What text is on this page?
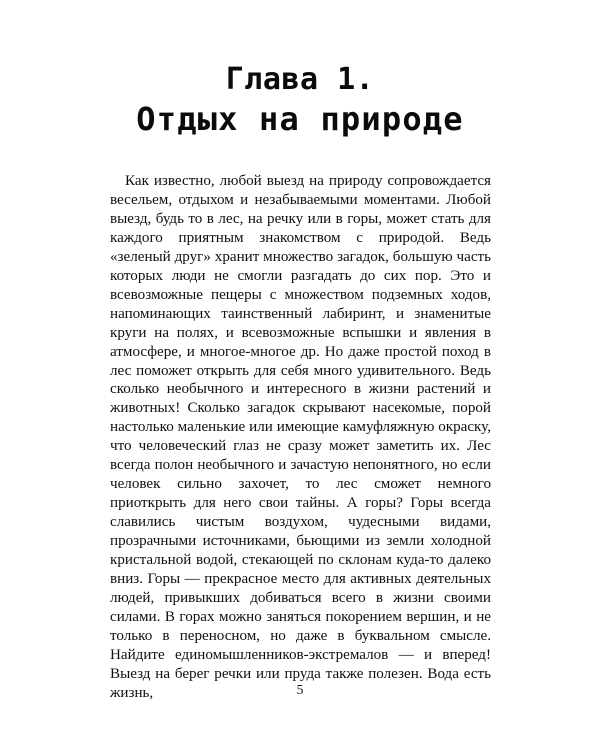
Глава 1.
Отдых на природе

Как известно, любой выезд на природу сопровождается весельем, отдыхом и незабываемыми моментами. Любой выезд, будь то в лес, на речку или в горы, может стать для каждого приятным знакомством с природой. Ведь «зеленый друг» хранит множество загадок, большую часть которых люди не смогли разгадать до сих пор. Это и всевозможные пещеры с множеством подземных ходов, напоминающих таинственный лабиринт, и знаменитые круги на полях, и всевозможные вспышки и явления в атмосфере, и многое-многое др. Но даже простой поход в лес поможет открыть для себя много удивительного. Ведь сколько необычного и интересного в жизни растений и животных! Сколько загадок скрывают насекомые, порой настолько маленькие или имеющие камуфляжную окраску, что человеческий глаз не сразу может заметить их. Лес всегда полон необычного и зачастую непонятного, но если человек сильно захочет, то лес сможет немного приоткрыть для него свои тайны. А горы? Горы всегда славились чистым воздухом, чудесными видами, прозрачными источниками, бьющими из земли холодной кристальной водой, стекающей по склонам куда-то далеко вниз. Горы — прекрасное место для активных деятельных людей, привыкших добиваться всего в жизни своими силами. В горах можно заняться покорением вершин, и не только в переносном, но даже в буквальном смысле. Найдите единомышленников-экстремалов — и вперед! Выезд на берег речки или пруда также полезен. Вода есть жизнь,	5
